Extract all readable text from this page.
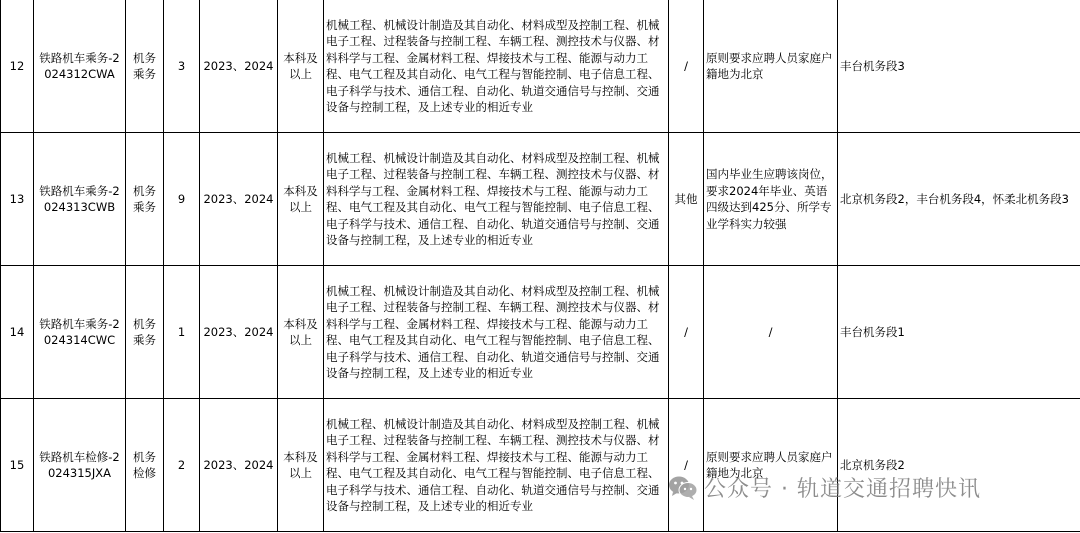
12	铁路机车乘务-2024312CWA	机务乘务	3	2023、2024	本科及以上	机械工程、机械设计制造及其自动化、材料成型及控制工程、机械电子工程、过程装备与控制工程、车辆工程、测控技术与仪器、材料科学与工程、金属材料工程、焊接技术与工程、能源与动力工程、电气工程及其自动化、电气工程与智能控制、电子信息工程、电子科学与技术、通信工程、自动化、轨道交通信号与控制、交通设备与控制工程，及上述专业的相近专业	/	原则要求应聘人员家庭户籍地为北京	丰台机务段3
13	铁路机车乘务-2024313CWB	机务乘务	9	2023、2024	本科及以上	机械工程、机械设计制造及其自动化、材料成型及控制工程、机械电子工程、过程装备与控制工程、车辆工程、测控技术与仪器、材料科学与工程、金属材料工程、焊接技术与工程、能源与动力工程、电气工程及其自动化、电气工程与智能控制、电子信息工程、电子科学与技术、通信工程、自动化、轨道交通信号与控制、交通设备与控制工程，及上述专业的相近专业	其他	国内毕业生应聘该岗位，要求2024年毕业、英语四级达到425分、所学专业学科实力较强	北京机务段2，丰台机务段4，怀柔北机务段3
14	铁路机车乘务-2024314CWC	机务乘务	1	2023、2024	本科及以上	机械工程、机械设计制造及其自动化、材料成型及控制工程、机械电子工程、过程装备与控制工程、车辆工程、测控技术与仪器、材料科学与工程、金属材料工程、焊接技术与工程、能源与动力工程、电气工程及其自动化、电气工程与智能控制、电子信息工程、电子科学与技术、通信工程、自动化、轨道交通信号与控制、交通设备与控制工程，及上述专业的相近专业	/	/	丰台机务段1
15	铁路机车检修-2024315JXA	机务检修	2	2023、2024	本科及以上	机械工程、机械设计制造及其自动化、材料成型及控制工程、机械电子工程、过程装备与控制工程、车辆工程、测控技术与仪器、材料科学与工程、金属材料工程、焊接技术与工程、能源与动力工程、电气工程及其自动化、电气工程与智能控制、电子信息工程、电子科学与技术、通信工程、自动化、轨道交通信号与控制、交通设备与控制工程，及上述专业的相近专业	/	原则要求应聘人员家庭户籍地为北京	北京机务段2
公众号 · 轨道交通招聘快讯
